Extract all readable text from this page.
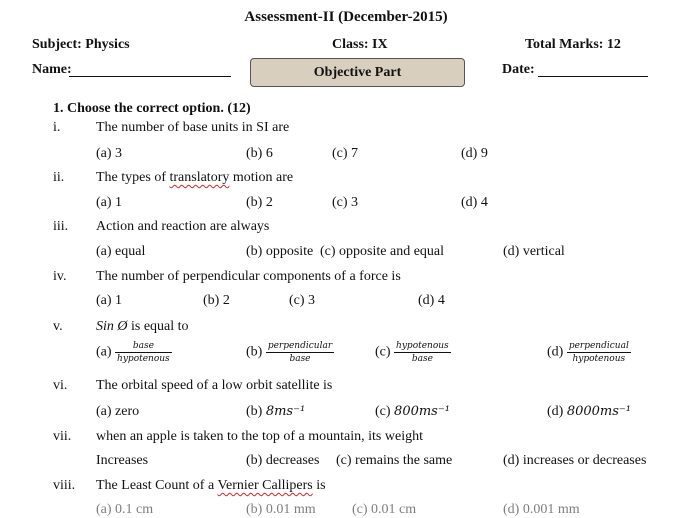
Assessment-II (December-2015)
Subject: Physics	Class: IX	Total Marks: 12
Name:	Objective Part	Date:
1. Choose the correct option. (12)
i.	The number of base units in SI are
(a) 3	(b) 6	(c) 7	(d) 9
ii. The types of translatory motion are
(a) 1	(b) 2	(c) 3	(d) 4
iii. Action and reaction are always
(a) equal	(b) opposite (c) opposite and equal	(d) vertical
iv. The number of perpendicular components of a force is
(a) 1	(b) 2	(c) 3	(d) 4
v. Sin Ø is equal to
$(a) \frac{\text{base}}{\text{hypotenous}}$	$(b) \frac{\text{perpendicular}}{\text{base}}$	$(c) \frac{\text{hypotenous}}{\text{base}}$	$(d) \frac{\text{perpendicual}}{\text{hypotenous}}$
vi. The orbital speed of a low orbit satellite is
(a) zero	(b) 8ms⁻¹	(c) 800ms⁻¹	(d) 8000ms⁻¹
vii. when an apple is taken to the top of a mountain, its weight
Increases	(b) decreases (c) remains the same	(d) increases or decreases
viii. The Least Count of a Vernier Callipers is
(a) 0.1 cm	(b) 0.01 mm	(c) 0.01 cm	(d) 0.001 mm
